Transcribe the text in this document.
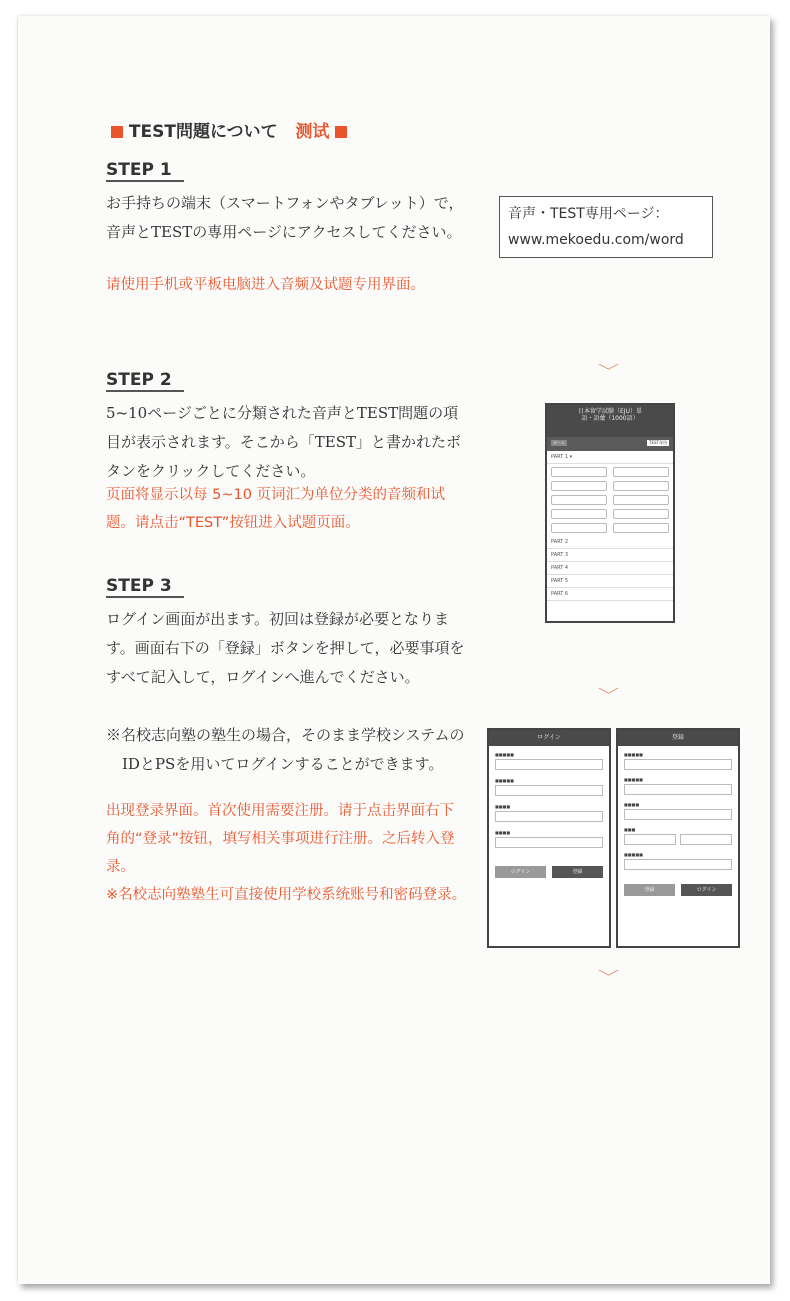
TEST問題について 测试
STEP 1
お手持ちの端末（スマートフォンやタブレット）で，音声とTESTの専用ページにアクセスしてください。
请使用手机或平板电脑进入音频及试题专用界面。
音声・TEST専用ページ：
www.mekoedu.com/word
﹀
STEP 2
5~10ページごとに分類された音声とTEST問題の項目が表示されます。そこから「TEST」と書かれたボタンをクリックしてください。
页面将显示以每 5~10 页词汇为单位分类的音频和试题。请点击“TEST”按钮进入试题页面。
日本留学試験（EJU）単語・語彙（1000語）
ホーム	TEST専用
PART 1 ▾
PART 2
PART 3
PART 4
PART 5
PART 6
﹀
STEP 3
ログイン画面が出ます。初回は登録が必要となります。画面右下の「登録」ボタンを押して，必要事項をすべて記入して，ログインへ進んでください。
※名校志向塾の塾生の場合，そのまま学校システムのIDとPSを用いてログインすることができます。
出现登录界面。首次使用需要注册。请于点击界面右下角的“登录”按钮，填写相关事项进行注册。之后转入登录。
※名校志向塾塾生可直接使用学校系统账号和密码登录。
ログイン
■■■■■
■■■■■
■■■■
■■■■
ログイン	登録
登録
■■■■■
■■■■■
■■■■
■■■
■■■■■
登録	ログイン
﹀
